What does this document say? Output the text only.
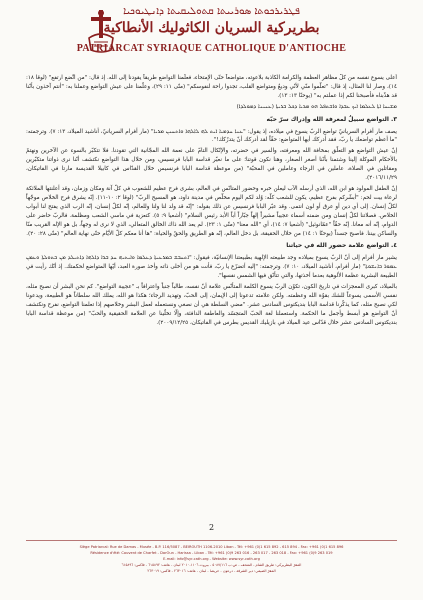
ܦܛܪܝܪܟܘܬܐ ܣܘܪܝܝܬܐ ܩܬܘܠܝܩܝܬܐ ܕܐܢܛܝܘܟܝܐ
بطريركية السريان الكاثوليك الأنطاكية
PATRIARCAT SYRIAQUE CATHOLIQUE D'ANTIOCHE

أعلى يسوع نفسه من كلّ مظاهر العظمة والكرامة الكاذبة بلاعوته، متواضعاً حتّى الإمتحاء، فعلّمنا التواضع طريقاً يقودنا إلى الله. إذ قال: "من اتَّضع ارتفع" (لوقا ١٨: ١٤)، وصار لنا المثال، إذ قال: "تعلّموا منّي لأنّي وديعٌ ومتواضع القلب، تجدوا راحة لنفوسكم" (متّى ١١: ٢٩)، وعلّمنا على عيش التواضع وعملنا به: "أنتم آخذون بأنّنا قد هذّبناه فأصبحنا لكم إذا عملتم به" (يوحنّا ١٣: ١٣).

ܡܫܝܚܐ ܐܬܐ ܠܥܠܡܐ ܐܝܟ ܥܒܕܐ ܘܐܫܬܦܠ ܗܘ ܡܪܝܐ ܕܟܠ ܒܪܝܬܐ (ܥܢܝܢܐ ܕܡܘܠܕܐ)

٣. التواضع سبيلٌ لمعرفة الله وإدراك سرّ حبّه

يصف مار أفرام السريانيّ تواضع الربّ يسوع في ميلاده، إذ يقول: "ܥܢܐ ܚܕܡܝܐ ܐܝܬ ܠܗ ܠܐܠܗܐ ܘܐܬܚܢܢ ܡܪܝܐ" (مار أفرام السريانيّ، أناشيد الميلاد، ١٣: ٧). وترجمته: "ما أعظم تواضعك يا ربّ، فقد أدركك أيها المتواضع: حقّاً لقد أدركك أنّ يتدرّكك!".

إنّ عيش التواضع هو التعلّق بمخافة الله ومعرفته، والسير في حضرته، والإتّكال التامّ على نعمة الله المجّانية التي تقودنا. فلا تتكبّر بالسوء عن الآخرين ونهتمّ بالأحكام الموكلة إلينا وشتمنا بأنّنا أصغر الصغار، وهنا نكون قوتنا؛ على ما نعيّر قداسة البابا فرنسيس، ومن خلال هذا التواضع نكتشف أنّنا نرى ذواتنا متكبّرين ومقاتلين في الصلاة، عاملين في الرجاء وعاملين في المحبّة" (من موعظة قداسة البابا فرنسيس خلال القدّاس في كابيلا القديسة مارتا في الفاتيكان، ٢٠١٦/١١/٢٩).

إنّ الطفل المولود هو ابن الله، الذي أرسله الآب ليعلن خبره وحضور المتانّس في العالم، بشرى فرح عظيم للشعوب في كلّ آنة ومكان وزمان، وقد أعلنتها الملائكة لرعاة بيت لحم: "أبشّركم بفرح عظيم، يكون للشعب كلّه: وُلد لكم اليوم مخلّص في مدينة داود، هو المسيح الربّ" (لوقا ٢: ١٠-١١). إنّه يشرق فرح الخلاص موجّهاً لكلّ إنسان. إلى أي دين أو عرق أو لون انتمى. وقد عبّر البابا فرنسيس عن ذلك بقوله: "إنّه قد ولد لنا ولنا وللعالم، إنّه لكلّ إنسان، إنّه الرب الذي يفتح لنا أبواب الخلاص. فصلاتنا لكلّ إنسان ومن ضمنه أسماء عجيباً مشيراً إلهاً جبّاراً أباً الأبد رئيس السلام" (أشعيا ٩: ٥). كتعزية في ماسي الشعب ومظلمة. فالربّ حاضر على الدوام، إنّه أنه معانا. إنّه حقّاً "عمّانوئيل" (أشعيا ٧: ١٤)، أي "الله معنا" (متّى ١: ٢٣). لم يعد الله ذاك الخالق المتعالي، الذي لا نرى له وجهاً، بل هو الإله القريب منّا والساكن بيننا. فاصبح جسداً (يوحنّا ١: ١٤) من خلال الحقيقة، بل دخل العالم، إنّه هو الطريق والحقّ والحياة: "ها أنا معكم كلّ الأيّام حتّى نهاية العالم" (متّى ٢٨: ٢٠).

٤. التواضع علامة حضور الله في حياتنا

يشير مار أفرام إلى أنّ الربّ يسوع بميلاده وجد طبيعته الإلهية بطبيعتنا الإنسانيّة، فيقول: "ܐܬܚܒܫ ܒܡܪܥܝܬܐ ܕܥܠܡܐ ܘܐܝܬܝܗ ܚܕ ܒܪܐ ܕܐܠܗܐ ܕܐܬܝܠܕ ܡܢ ܒܬܘܠܬܐ ܘܥܡܢ ܥܡܘܪ ܒܐܢܫܘܬܐ" (مار أفرام، أناشيد الميلاد، ١٠: ٧). وترجمته: "إليه أتضرّع يا ربّ، فأنت هو من أخلى ذاته وأخذ صورة العبد، أيّها المتواضع لحكمتك. إذ أنّك رأيت في الطبيعة البشرية عظمة الألوهية بعدما أخذتها، والتي تتأنّق فيها الشمس نفسها".

بالميلاد، كبرى المعجزات في تاريخ الكون، تكوّن الربّ يسوع الكلمة المتأنّس علامة أنّ نفسه، طالباً جنباً واعترافاً بـ "عجيبة التواضع". كم نحن البشر أن نصبح مثله، نفسي الأسمى يسوعاً للشك بقوّة الله وعظمته. ولكن علامته تدعونا إلى الإيمان، إلى الحبّ، وتهديد الرجاء؛ هكذا هو الله، يملك الله سلطاناً هو الطبيعة، ويدعونا لكي نصبح مثله، كما يذكّرنا قداسة البابا بنديكتوس السادس عشر. "مضي السلطة هي أن نصغي ونستعمله لعمل البشر وخلاصهم إذا تعلمنا التواضع، نفرح ونكتشف أنّ التواضع هو أبسط وأجمل ما الحكمة. واستعملنا لغة الحبّ المتجسّد والعاطفة الدافئة، وإلّا تخلّينا عن العلامة الحقيقية والحبّ" (من موعظة قداسة البابا بنديكتوس السادس عشر خلال قدّاس عيد الميلاد في بازيليك القديس بطرس في الفاتيكان، ٢٠٠٩/١٢/٢٥).

2
Siège Patriarcal: Rue de Damas - Musée - B.P. 116/5087 - BEIROUTH 1106-2010 Liban - Tél: +961 (0)1 615 892 - 615 894 - Fax: +961 (0)1 615 896
Résidence d'été: Couvent de Charfet - DarOun - Harissa - Liban - Tél: +961 (0)9 263 016 - 263 017 - 263 018 - Fax: +961 (0)9 263 019
E-mail: info@syr-cath.org - Website: www.syr-cath.org
المقرّ البطريركي: طريق الشام - المتحف - ص.ب ٥٠٨٧/١١٦ - بيروت ١١٠٦-٢٠١٠ لبنان - هاتف: ٦١٥٨٩٢ - فاكس: ٦١٥٨٩٦
المقرّ الصيفي: دير الشرفة - درعون - حريصا - لبنان - هاتف: ٢٦٣٠١٦ - فاكس: ٢٦٣٠١٩
